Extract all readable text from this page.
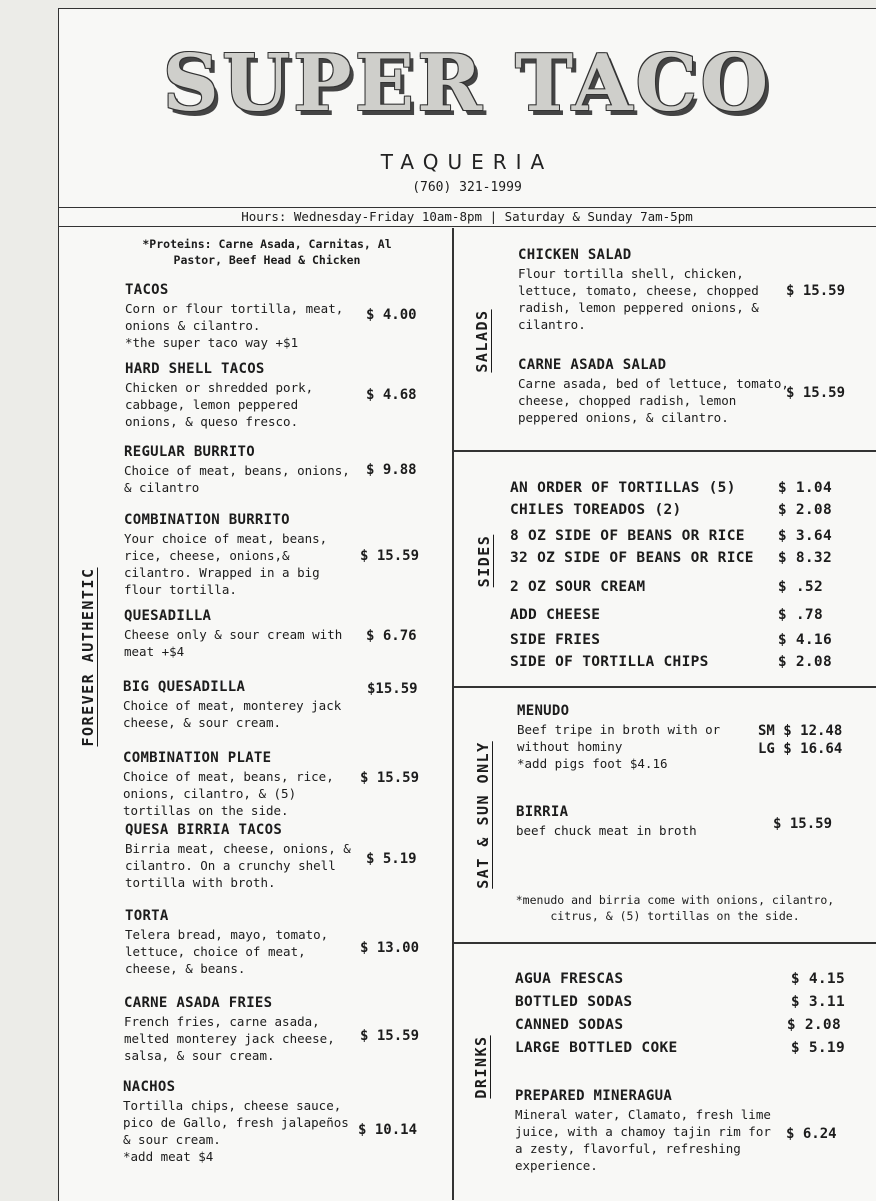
SUPER TACO
TAQUERIA
(760) 321-1999
Hours: Wednesday-Friday 10am-8pm | Saturday & Sunday 7am-5pm
FOREVER AUTHENTIC
*Proteins: Carne Asada, Carnitas, Al Pastor, Beef Head & Chicken
TACOS
Corn or flour tortilla, meat, onions & cilantro.
*the super taco way +$1
$ 4.00
HARD SHELL TACOS
Chicken or shredded pork, cabbage, lemon peppered onions, & queso fresco.
$ 4.68
REGULAR BURRITO
Choice of meat, beans, onions, & cilantro
$ 9.88
COMBINATION BURRITO
Your choice of meat, beans, rice, cheese, onions,& cilantro. Wrapped in a big flour tortilla.
$ 15.59
QUESADILLA
Cheese only & sour cream with meat +$4
$ 6.76
BIG QUESADILLA
Choice of meat, monterey jack cheese, & sour cream.
$15.59
COMBINATION PLATE
Choice of meat, beans, rice, onions, cilantro, & (5) tortillas on the side.
$ 15.59
QUESA BIRRIA TACOS
Birria meat, cheese, onions, & cilantro. On a crunchy shell tortilla with broth.
$ 5.19
TORTA
Telera bread, mayo, tomato, lettuce, choice of meat, cheese, & beans.
$ 13.00
CARNE ASADA FRIES
French fries, carne asada, melted monterey jack cheese, salsa, & sour cream.
$ 15.59
NACHOS
Tortilla chips, cheese sauce, pico de Gallo, fresh jalapeños & sour cream.
*add meat $4
$ 10.14
SALADS
CHICKEN SALAD
Flour tortilla shell, chicken, lettuce, tomato, cheese, chopped radish, lemon peppered onions, & cilantro.
$ 15.59
CARNE ASADA SALAD
Carne asada, bed of lettuce, tomato, cheese, chopped radish, lemon peppered onions, & cilantro.
$ 15.59
SIDES
AN ORDER OF TORTILLAS (5)	$ 1.04
CHILES TOREADOS (2)	$ 2.08
8 OZ SIDE OF BEANS OR RICE $ 3.64
32 OZ SIDE OF BEANS OR RICE $ 8.32
2 OZ SOUR CREAM	$ .52
ADD CHEESE	$ .78
SIDE FRIES	$ 4.16
SIDE OF TORTILLA CHIPS	$ 2.08
SAT & SUN ONLY
MENUDO
Beef tripe in broth with or without hominy
*add pigs foot $4.16
SM $ 12.48
LG $ 16.64
BIRRIA
beef chuck meat in broth	$ 15.59
*menudo and birria come with onions, cilantro, citrus, & (5) tortillas on the side.
DRINKS
AGUA FRESCAS	$ 4.15
BOTTLED SODAS	$ 3.11
CANNED SODAS	$ 2.08
LARGE BOTTLED COKE	$ 5.19
PREPARED MINERAGUA
Mineral water, Clamato, fresh lime juice, with a chamoy tajin rim for a zesty, flavorful, refreshing experience.
$ 6.24
